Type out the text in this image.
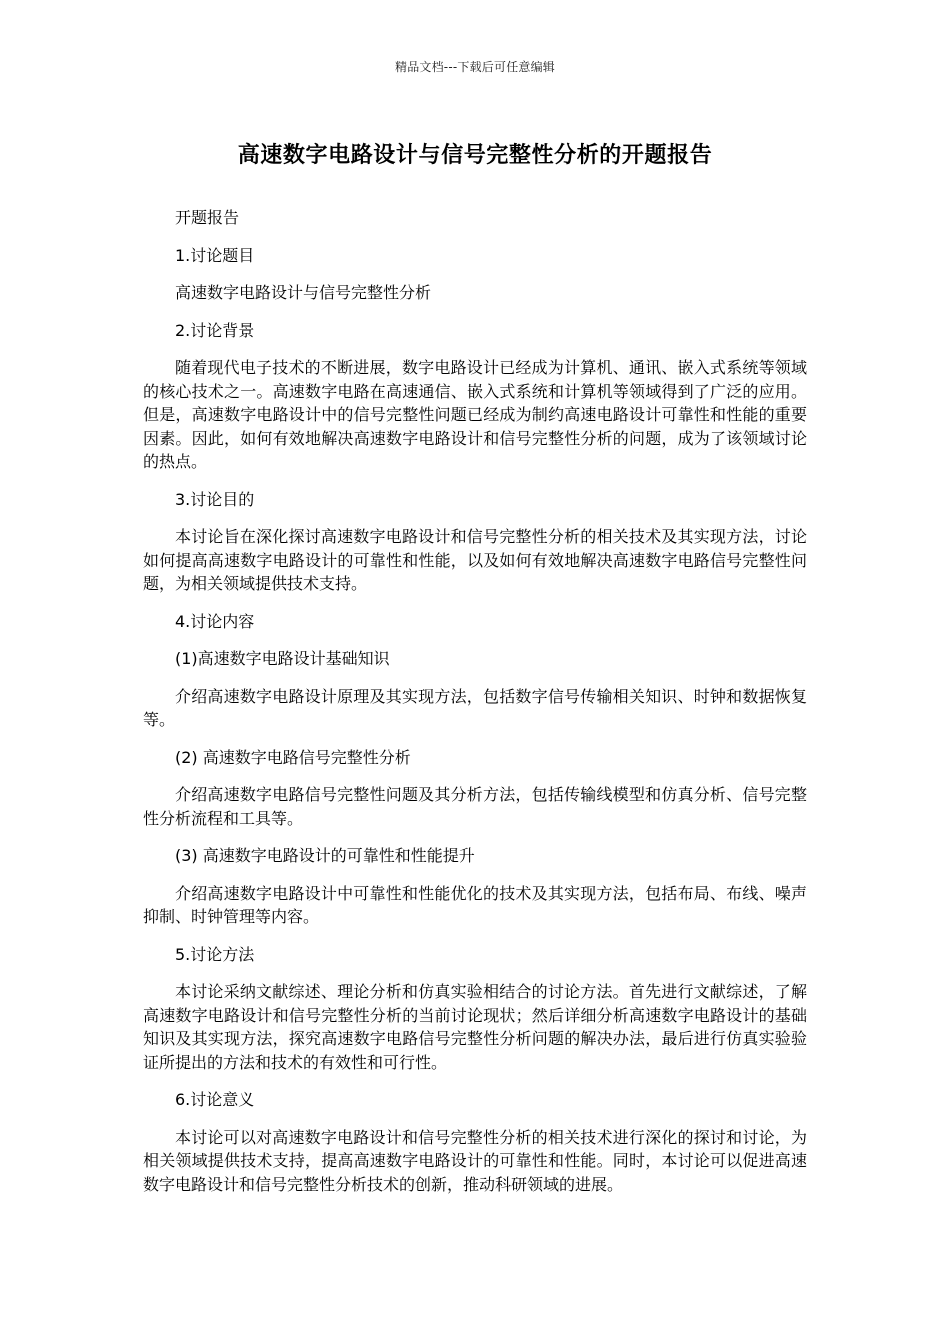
精品文档---下载后可任意编辑
高速数字电路设计与信号完整性分析的开题报告

开题报告

1.讨论题目

高速数字电路设计与信号完整性分析

2.讨论背景

随着现代电子技术的不断进展，数字电路设计已经成为计算机、通讯、嵌入式系统等领域的核心技术之一。高速数字电路在高速通信、嵌入式系统和计算机等领域得到了广泛的应用。但是，高速数字电路设计中的信号完整性问题已经成为制约高速电路设计可靠性和性能的重要因素。因此，如何有效地解决高速数字电路设计和信号完整性分析的问题，成为了该领域讨论的热点。

3.讨论目的

本讨论旨在深化探讨高速数字电路设计和信号完整性分析的相关技术及其实现方法，讨论如何提高高速数字电路设计的可靠性和性能，以及如何有效地解决高速数字电路信号完整性问题，为相关领域提供技术支持。

4.讨论内容

(1)高速数字电路设计基础知识

介绍高速数字电路设计原理及其实现方法，包括数字信号传输相关知识、时钟和数据恢复等。

(2) 高速数字电路信号完整性分析

介绍高速数字电路信号完整性问题及其分析方法，包括传输线模型和仿真分析、信号完整性分析流程和工具等。

(3) 高速数字电路设计的可靠性和性能提升

介绍高速数字电路设计中可靠性和性能优化的技术及其实现方法，包括布局、布线、噪声抑制、时钟管理等内容。

5.讨论方法

本讨论采纳文献综述、理论分析和仿真实验相结合的讨论方法。首先进行文献综述，了解高速数字电路设计和信号完整性分析的当前讨论现状；然后详细分析高速数字电路设计的基础知识及其实现方法，探究高速数字电路信号完整性分析问题的解决办法，最后进行仿真实验验证所提出的方法和技术的有效性和可行性。

6.讨论意义

本讨论可以对高速数字电路设计和信号完整性分析的相关技术进行深化的探讨和讨论，为相关领域提供技术支持，提高高速数字电路设计的可靠性和性能。同时，本讨论可以促进高速数字电路设计和信号完整性分析技术的创新，推动科研领域的进展。
